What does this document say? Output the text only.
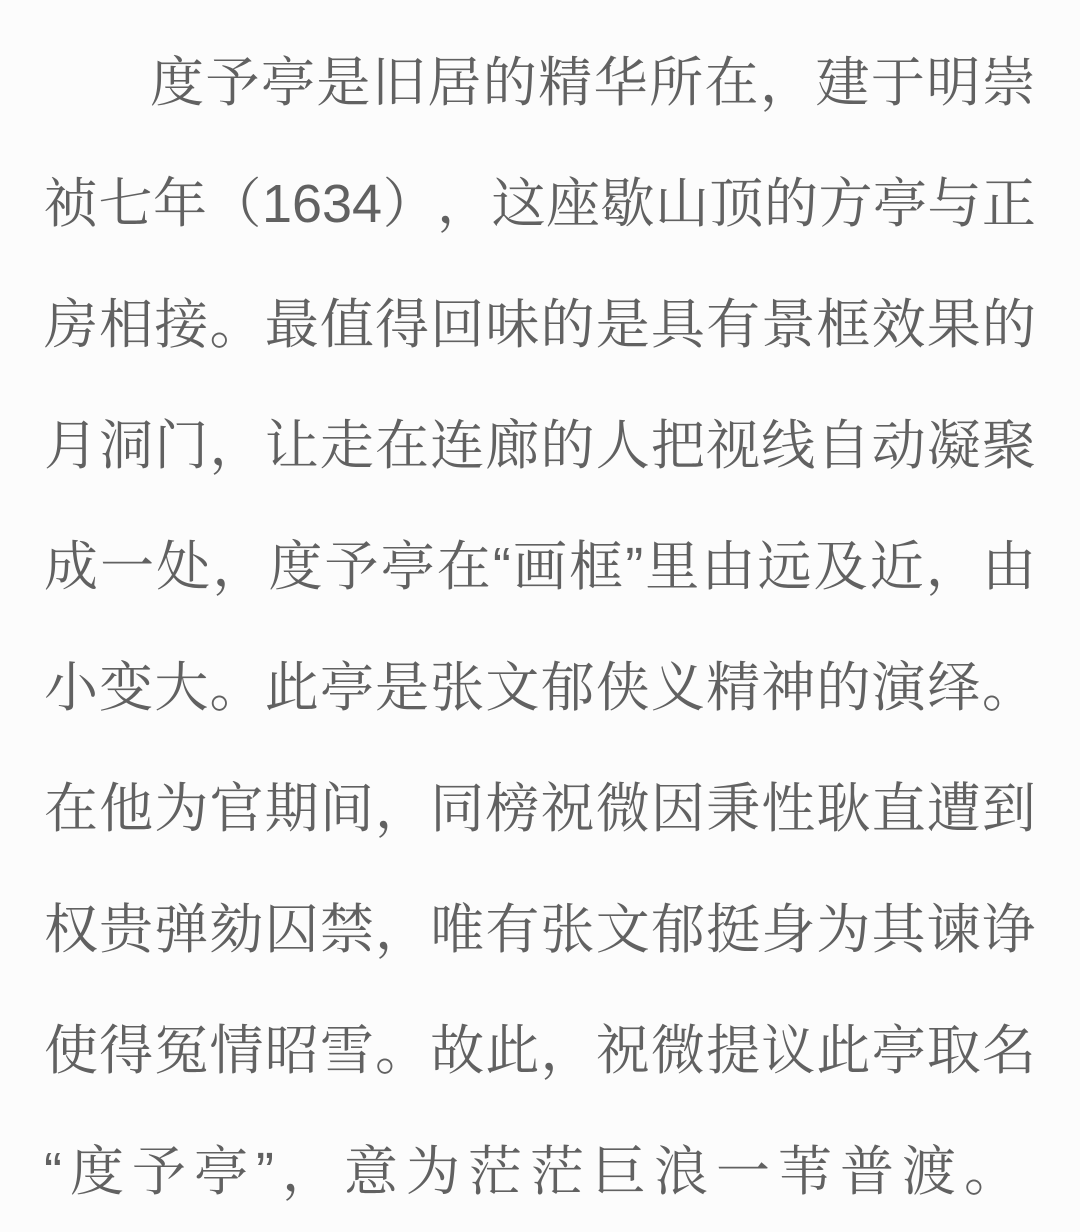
度 予 亭 是 旧 居 的 精 华 所 在 ， 建 于 明 崇
祯 七 年 （ 1634 ） ， 这 座 歇 山 顶 的 方 亭 与 正
房 相 接 。 最 值 得 回 味 的 是 具 有 景 框 效 果 的
月 洞 门 ， 让 走 在 连 廊 的 人 把 视 线 自 动 凝 聚
成 一 处 ， 度 予 亭 在 “ 画 框 ” 里 由 远 及 近 ， 由
小 变 大 。 此 亭 是 张 文 郁 侠 义 精 神 的 演 绎 。
在 他 为 官 期 间 ， 同 榜 祝 微 因 秉 性 耿 直 遭 到
权 贵 弹 劾 囚 禁 ， 唯 有 张 文 郁 挺 身 为 其 谏 诤
使 得 冤 情 昭 雪 。 故 此 ， 祝 微 提 议 此 亭 取 名
“ 度 予 亭 ” ， 意 为 茫 茫 巨 浪 一 苇 普 渡 。
